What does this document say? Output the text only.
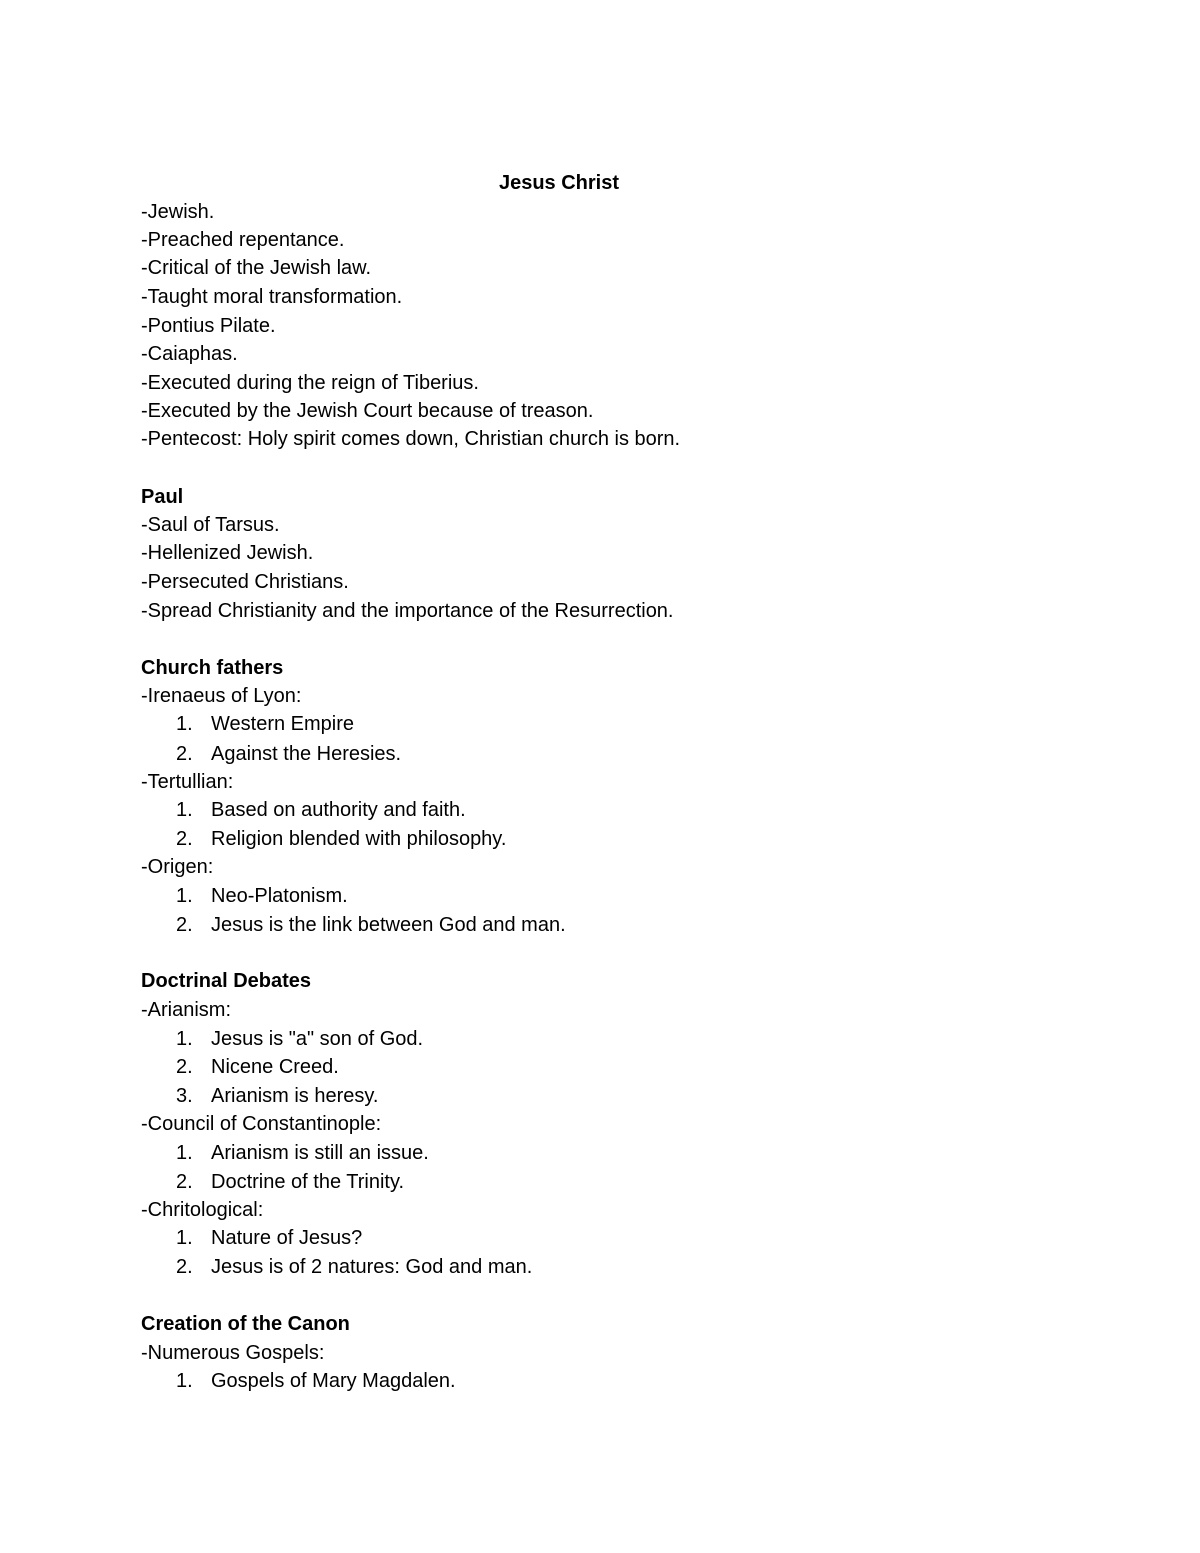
Jesus Christ
-Jewish.
-Preached repentance.
-Critical of the Jewish law.
-Taught moral transformation.
-Pontius Pilate.
-Caiaphas.
-Executed during the reign of Tiberius.
-Executed by the Jewish Court because of treason.
-Pentecost: Holy spirit comes down, Christian church is born.
Paul
-Saul of Tarsus.
-Hellenized Jewish.
-Persecuted Christians.
-Spread Christianity and the importance of the Resurrection.
Church fathers
-Irenaeus of Lyon:
1. Western Empire
2. Against the Heresies.
-Tertullian:
1. Based on authority and faith.
2. Religion blended with philosophy.
-Origen:
1. Neo-Platonism.
2. Jesus is the link between God and man.
Doctrinal Debates
-Arianism:
1. Jesus is "a" son of God.
2. Nicene Creed.
3. Arianism is heresy.
-Council of Constantinople:
1. Arianism is still an issue.
2. Doctrine of the Trinity.
-Chritological:
1. Nature of Jesus?
2. Jesus is of 2 natures: God and man.
Creation of the Canon
-Numerous Gospels:
1. Gospels of Mary Magdalen.
